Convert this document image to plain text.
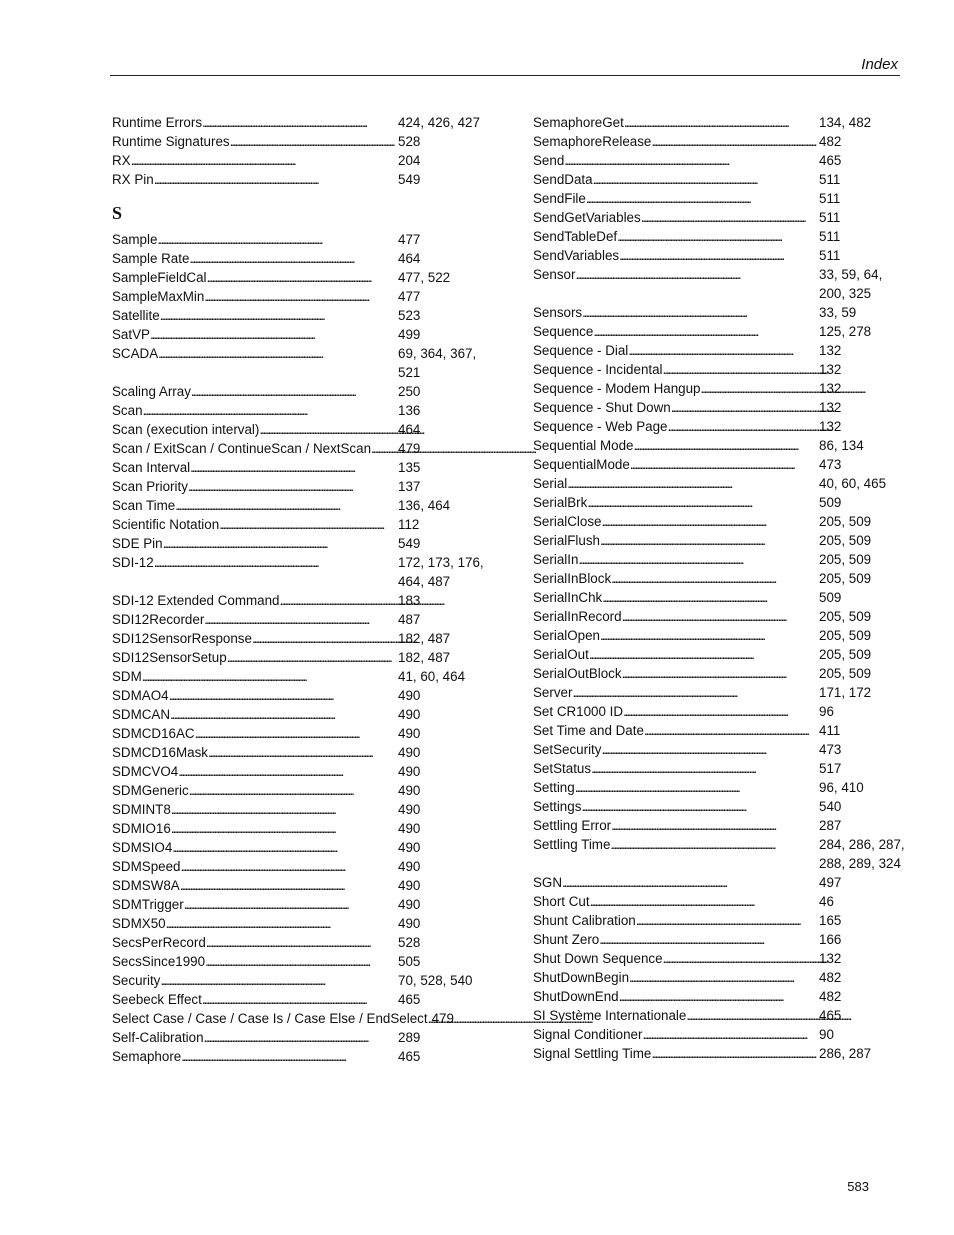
Index
Runtime Errors . . .	424, 426, 427
Runtime Signatures . . .	528
RX . . .	204
RX Pin . . .	549
S
Sample . . .	477
Sample Rate . . .	464
SampleFieldCal . . .	477, 522
SampleMaxMin . . .	477
Satellite . . .	523
SatVP . . .	499
SCADA . . .	69, 364, 367, 521
Scaling Array . . .	250
Scan . . .	136
Scan (execution interval) . . .	464
Scan / ExitScan / ContinueScan / NextScan . . . 479
Scan Interval . . .	135
Scan Priority . . .	137
Scan Time . . .	136, 464
Scientific Notation . . .	112
SDE Pin . . .	549
SDI-12 . . .	172, 173, 176, 464, 487
SDI-12 Extended Command . . .	183
SDI12Recorder . . .	487
SDI12SensorResponse . . .	182, 487
SDI12SensorSetup . . .	182, 487
SDM . . .	41, 60, 464
SDMAO4 . . .	490
SDMCAN . . .	490
SDMCD16AC . . .	490
SDMCD16Mask . . .	490
SDMCVO4 . . .	490
SDMGeneric . . .	490
SDMINT8 . . .	490
SDMIO16 . . .	490
SDMSIO4 . . .	490
SDMSpeed . . .	490
SDMSW8A . . .	490
SDMTrigger . . .	490
SDMX50 . . .	490
SecsPerRecord . . .	528
SecsSince1990 . . .	505
Security . . .	70, 528, 540
Seebeck Effect . . .	465
Select Case / Case / Case Is / Case Else / EndSelect . . . 479
Self-Calibration . . .	289
Semaphore . . .	465
SemaphoreGet . . .	134, 482
SemaphoreRelease . . .	482
Send . . .	465
SendData . . .	511
SendFile . . .	511
SendGetVariables . . .	511
SendTableDef . . .	511
SendVariables . . .	511
Sensor . . .	33, 59, 64, 200, 325
Sensors . . .	33, 59
Sequence . . .	125, 278
Sequence - Dial . . .	132
Sequence - Incidental . . .	132
Sequence - Modem Hangup . . .	132
Sequence - Shut Down . . .	132
Sequence - Web Page . . .	132
Sequential Mode . . .	86, 134
SequentialMode . . .	473
Serial . . .	40, 60, 465
SerialBrk . . .	509
SerialClose . . .	205, 509
SerialFlush . . .	205, 509
SerialIn . . .	205, 509
SerialInBlock . . .	205, 509
SerialInChk . . .	509
SerialInRecord . . .	205, 509
SerialOpen . . .	205, 509
SerialOut . . .	205, 509
SerialOutBlock . . .	205, 509
Server . . .	171, 172
Set CR1000 ID . . .	96
Set Time and Date . . .	411
SetSecurity . . .	473
SetStatus . . .	517
Setting . . .	96, 410
Settings . . .	540
Settling Error . . .	287
Settling Time . . .	284, 286, 287, 288, 289, 324
SGN . . .	497
Short Cut . . .	46
Shunt Calibration . . .	165
Shunt Zero . . .	166
Shut Down Sequence . . .	132
ShutDownBegin . . .	482
ShutDownEnd . . .	482
SI Système Internationale . . .	465
Signal Conditioner . . .	90
Signal Settling Time . . .	286, 287
583
